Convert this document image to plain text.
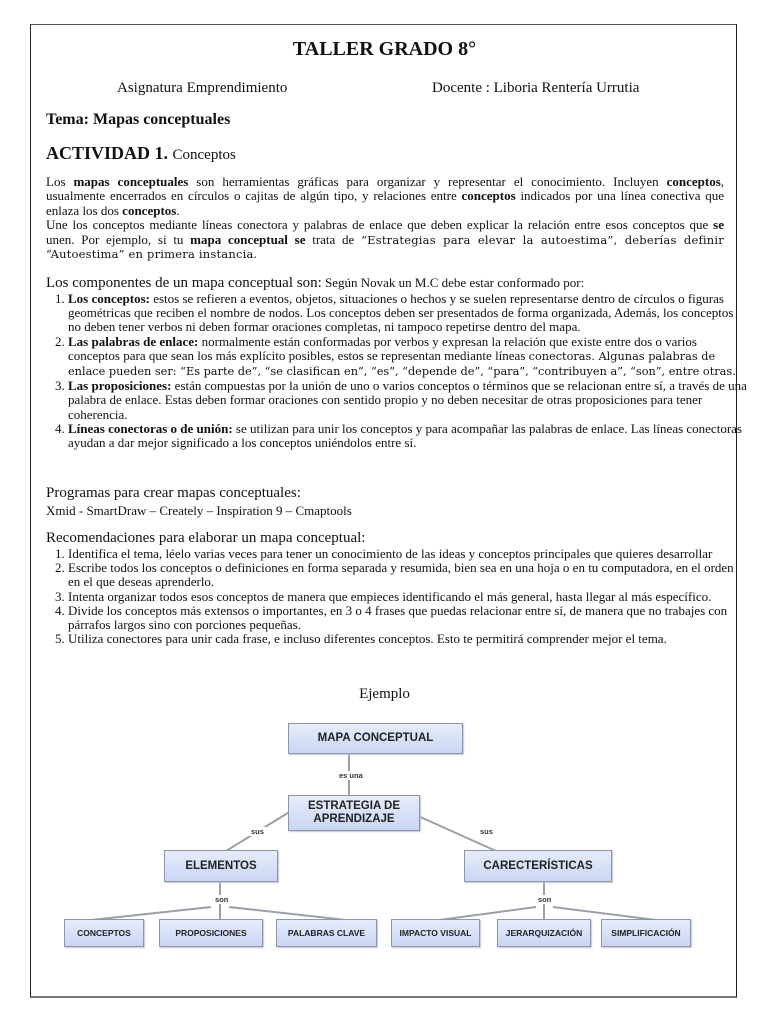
TALLER GRADO 8°
Asignatura Emprendimiento	Docente : Liboria Rentería Urrutia
Tema: Mapas conceptuales
ACTIVIDAD 1. Conceptos
Los mapas conceptuales son herramientas gráficas para organizar y representar el conocimiento. Incluyen conceptos, usualmente encerrados en círculos o cajitas de algún tipo, y relaciones entre conceptos indicados por una línea conectiva que enlaza los dos conceptos.
Une los conceptos mediante líneas conectora y palabras de enlace que deben explicar la relación entre esos conceptos que se unen. Por ejemplo, si tu mapa conceptual se trata de “Estrategias para elevar la autoestima”, deberías definir “Autoestima” en primera instancia.
Los componentes de un mapa conceptual son: Según Novak un M.C debe estar conformado por:
1. Los conceptos: estos se refieren a eventos, objetos, situaciones o hechos y se suelen representarse dentro de círculos o figuras geométricas que reciben el nombre de nodos. Los conceptos deben ser presentados de forma organizada, Además, los conceptos no deben tener verbos ni deben formar oraciones completas, ni tampoco repetirse dentro del mapa.
2. Las palabras de enlace: normalmente están conformadas por verbos y expresan la relación que existe entre dos o varios conceptos para que sean los más explícito posibles, estos se representan mediante líneas conectoras. Algunas palabras de enlace pueden ser: “Es parte de”, “se clasifican en”, “es”, “depende de”, “para”, “contribuyen a”, “son”, entre otras.
3. Las proposiciones: están compuestas por la unión de uno o varios conceptos o términos que se relacionan entre sí, a través de una palabra de enlace. Estas deben formar oraciones con sentido propio y no deben necesitar de otras proposiciones para tener coherencia.
4. Líneas conectoras o de unión: se utilizan para unir los conceptos y para acompañar las palabras de enlace. Las líneas conectoras ayudan a dar mejor significado a los conceptos uniéndolos entre sí.
Programas para crear mapas conceptuales:
Xmid - SmartDraw – Creately – Inspiration 9 – Cmaptools
Recomendaciones para elaborar un mapa conceptual:
1. Identifica el tema, léelo varias veces para tener un conocimiento de las ideas y conceptos principales que quieres desarrollar
2. Escribe todos los conceptos o definiciones en forma separada y resumida, bien sea en una hoja o en tu computadora, en el orden en el que deseas aprenderlo.
3. Intenta organizar todos esos conceptos de manera que empieces identificando el más general, hasta llegar al más específico.
4. Divide los conceptos más extensos o importantes, en 3 o 4 frases que puedas relacionar entre sí, de manera que no trabajes con párrafos largos sino con porciones pequeñas.
5. Utiliza conectores para unir cada frase, e incluso diferentes conceptos. Esto te permitirá comprender mejor el tema.
Ejemplo
MAPA CONCEPTUAL
es una
ESTRATEGIA DE APRENDIZAJE
sus	sus
ELEMENTOS	CARECTERÍSTICAS
son	son
CONCEPTOS	PROPOSICIONES	PALABRAS CLAVE	IMPACTO VISUAL	JERARQUIZACIÓN	SIMPLIFICACIÓN
